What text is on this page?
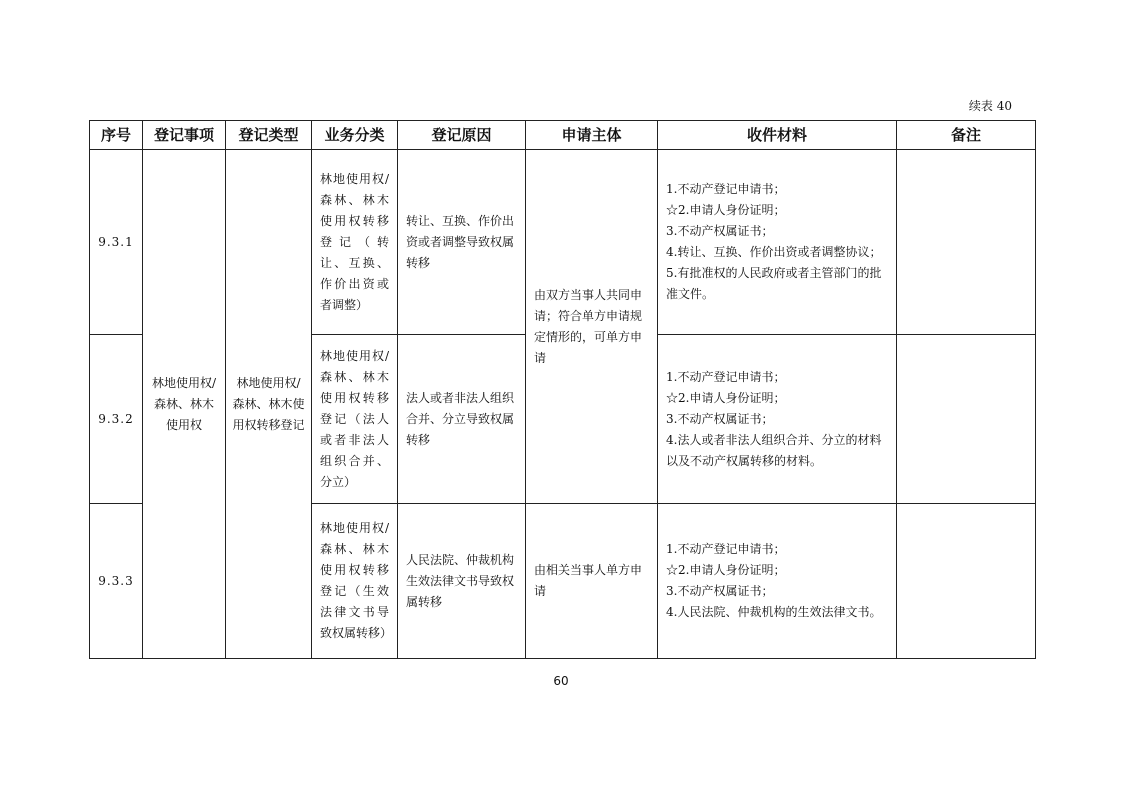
续表 40
序号	登记事项	登记类型	业务分类	登记原因	申请主体	收件材料	备注
9.3.1	林地使用权/森林、林木使用权	林地使用权/森林、林木使用权转移登记	林地使用权/森林、林木使用权转移登记（转让、互换、作价出资或者调整）	转让、互换、作价出资或者调整导致权属转移	由双方当事人共同申请；符合单方申请规定情形的，可单方申请	1.不动产登记申请书；
☆2.申请人身份证明；
3.不动产权属证书；
4.转让、互换、作价出资或者调整协议；
5.有批准权的人民政府或者主管部门的批准文件。	

9.3.2			林地使用权/森林、林木使用权转移登记（法人或者非法人组织合并、分立）	法人或者非法人组织合并、分立导致权属转移		1.不动产登记申请书；
☆2.申请人身份证明；
3.不动产权属证书；
4.法人或者非法人组织合并、分立的材料以及不动产权属转移的材料。	

9.3.3			林地使用权/森林、林木使用权转移登记（生效法律文书导致权属转移）	人民法院、仲裁机构生效法律文书导致权属转移	由相关当事人单方申请	1.不动产登记申请书；
☆2.申请人身份证明；
3.不动产权属证书；
4.人民法院、仲裁机构的生效法律文书。	

60
